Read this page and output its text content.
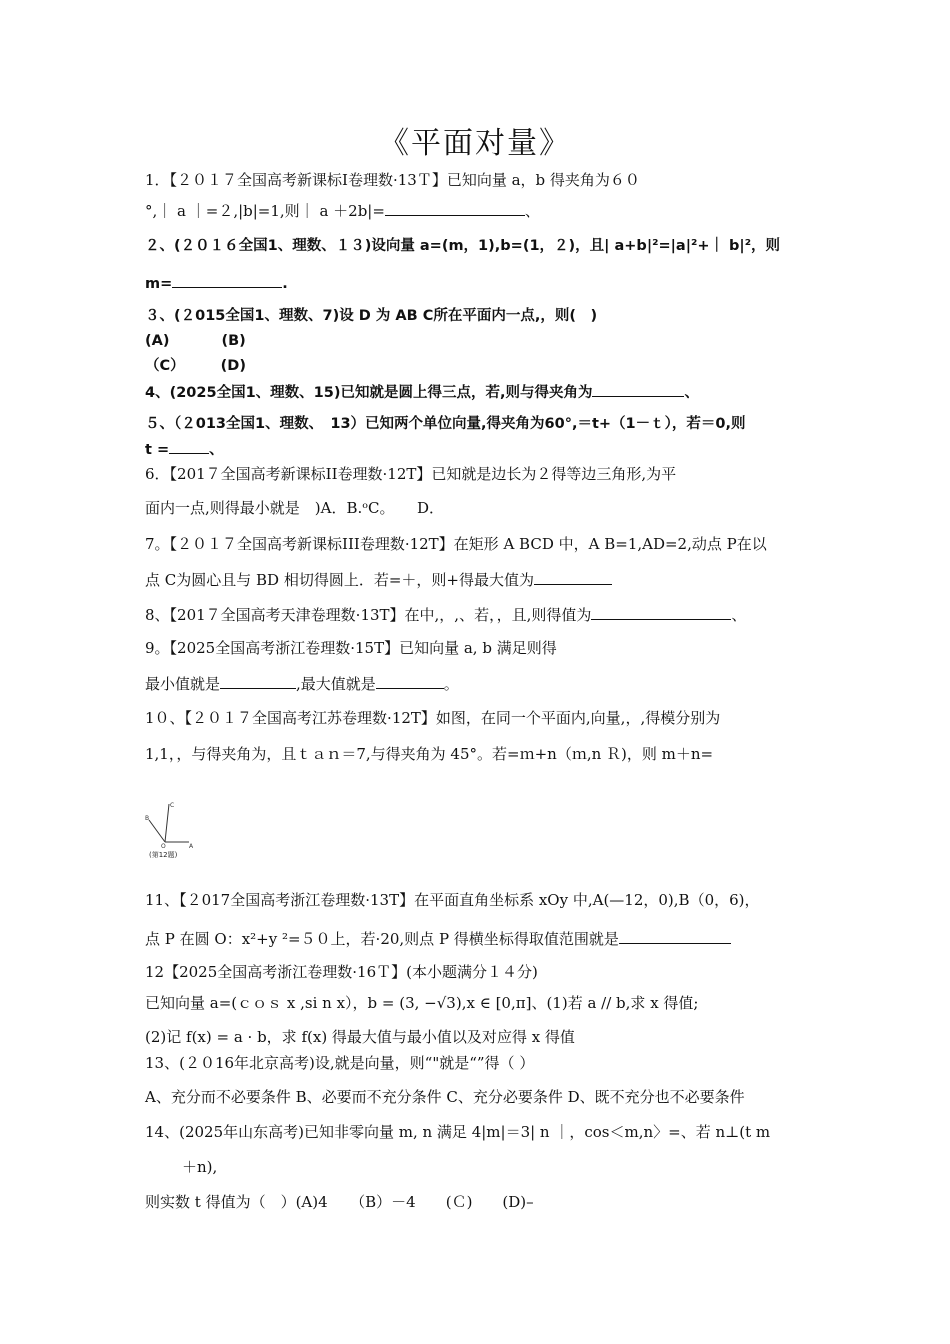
《平面对量》
1．【２０１７全国高考新课标Ⅰ卷理数·13Ｔ】已知向量 a，b 得夹角为６０
°,｜ a ｜=２,|b|=1,则｜ a ＋2b|=	、
２、(２０１６全国1、理数、１３)设向量 a=(m，1),b=(1，２)，且| a+b|²=|a|²+｜ b|²，则
m=	.
３、(２015全国1、理数、7)设 D 为 AB C所在平面内一点,，则(　)
(A)	(B)
（C） (D)
4、(2025全国1、理数、15)已知就是圆上得三点，若,则与得夹角为	、
５、（２013全国1、理数、　13）已知两个单位向量,得夹角为60°,＝t+（1－ｔ），若＝0,则
t =	、
6．【201７全国高考新课标II卷理数·12T】已知就是边长为２得等边三角形,为平
面内一点,则得最小就是　)A．B.ᵒC。　　D．
7。【２０１７全国高考新课标III卷理数·12T】在矩形 A BCD 中，A B=1,AD=2,动点 P在以
点 C为圆心且与 BD 相切得圆上．若=＋，则+得最大值为
8、【201７全国高考天津卷理数·13T】在中,，,、若，，且,则得值为	、
9。【2025全国高考浙江卷理数·15T】已知向量 a, b 满足则得
最小值就是	,最大值就是	。
1０、【２０１７全国高考江苏卷理数·12T】如图，在同一个平面内,向量,，,得模分别为
1,1，，与得夹角为，且ｔａｎ＝7,与得夹角为 45°。若=ｍ+n（ｍ,n Ｒ)，则 m＋n=
C
B
A
O
(第12题)
11、【２017全国高考浙江卷理数·13T】在平面直角坐标系 xOy 中,A(—12，0),B（0，6)，
点 P 在圆 O：x²+y ²=５０上，若·20,则点 P 得横坐标得取值范围就是
12【2025全国高考浙江卷理数·16Ｔ】(本小题满分１４分)
已知向量 a=(ｃｏｓ x ,si n x），b = (3, −√3),x ∈ [0,π]、(1)若 a // b,求 x 得值;
(2)记 f(x) = a · b，求 f(x) 得最大值与最小值以及对应得 x 得值
13、(２０16年北京高考)设,就是向量，则“"就是“”得（ ）
A、充分而不必要条件 B、必要而不充分条件 C、充分必要条件 D、既不充分也不必要条件
14、(2025年山东高考)已知非零向量 m, n 满足 4|m|＝3| n ｜，cos＜m,n〉=、若 n⊥(t m
＋n),
则实数 t 得值为（　）(A)4　　（B）－4　　(Ｃ)　　(D)–
